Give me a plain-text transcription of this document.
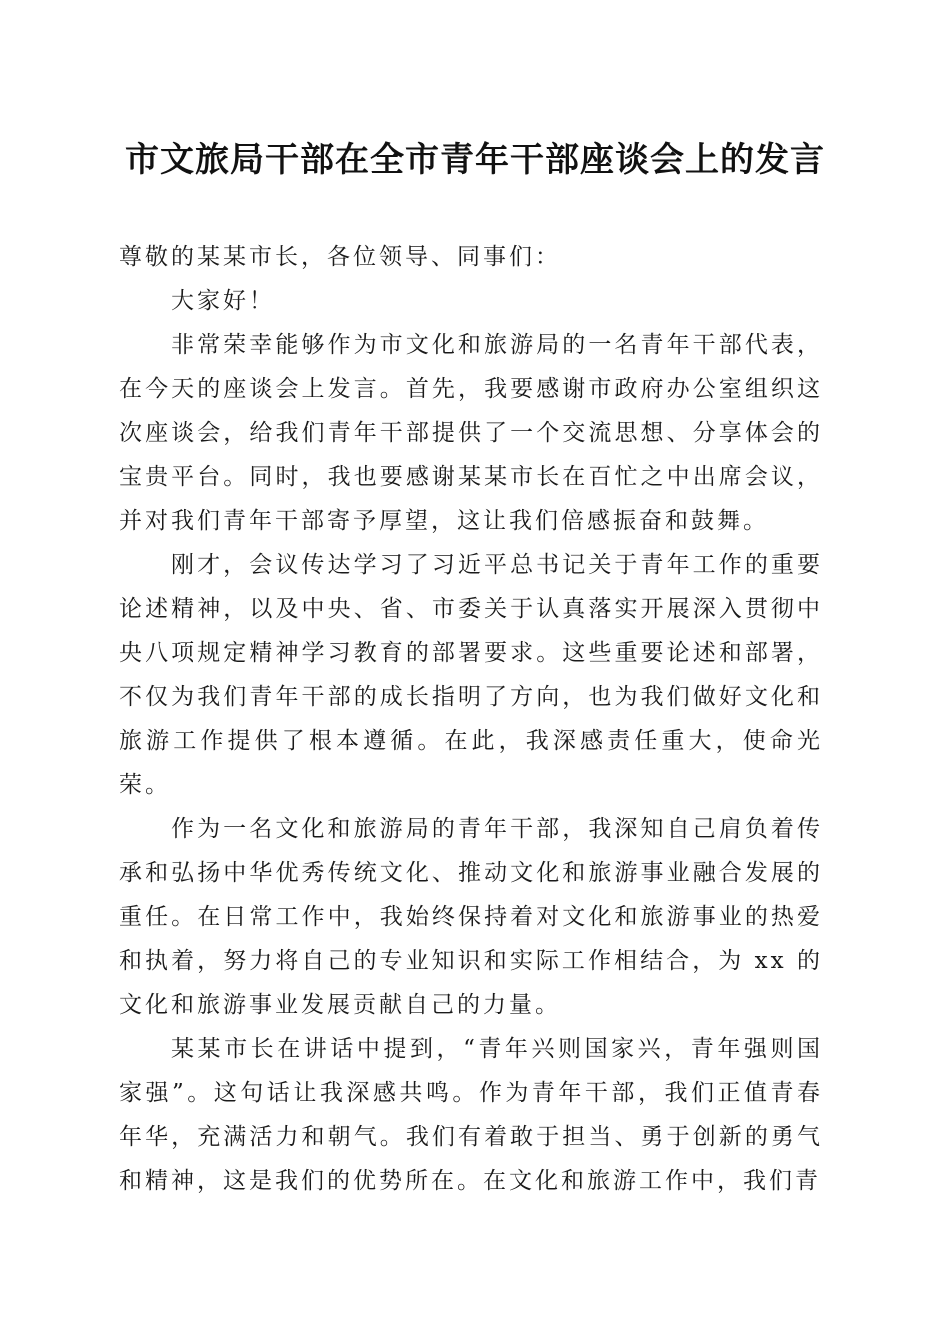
市文旅局干部在全市青年干部座谈会上的发言

尊敬的某某市长，各位领导、同事们：

大家好！

非常荣幸能够作为市文化和旅游局的一名青年干部代表，在今天的座谈会上发言。首先，我要感谢市政府办公室组织这次座谈会，给我们青年干部提供了一个交流思想、分享体会的宝贵平台。同时，我也要感谢某某市长在百忙之中出席会议，并对我们青年干部寄予厚望，这让我们倍感振奋和鼓舞。

刚才，会议传达学习了习近平总书记关于青年工作的重要论述精神，以及中央、省、市委关于认真落实开展深入贯彻中央八项规定精神学习教育的部署要求。这些重要论述和部署，不仅为我们青年干部的成长指明了方向，也为我们做好文化和旅游工作提供了根本遵循。在此，我深感责任重大，使命光荣。

作为一名文化和旅游局的青年干部，我深知自己肩负着传承和弘扬中华优秀传统文化、推动文化和旅游事业融合发展的重任。在日常工作中，我始终保持着对文化和旅游事业的热爱和执着，努力将自己的专业知识和实际工作相结合，为 xx 的文化和旅游事业发展贡献自己的力量。

某某市长在讲话中提到，“青年兴则国家兴，青年强则国家强”。这句话让我深感共鸣。作为青年干部，我们正值青春年华，充满活力和朝气。我们有着敢于担当、勇于创新的勇气和精神，这是我们的优势所在。在文化和旅游工作中，我们青
